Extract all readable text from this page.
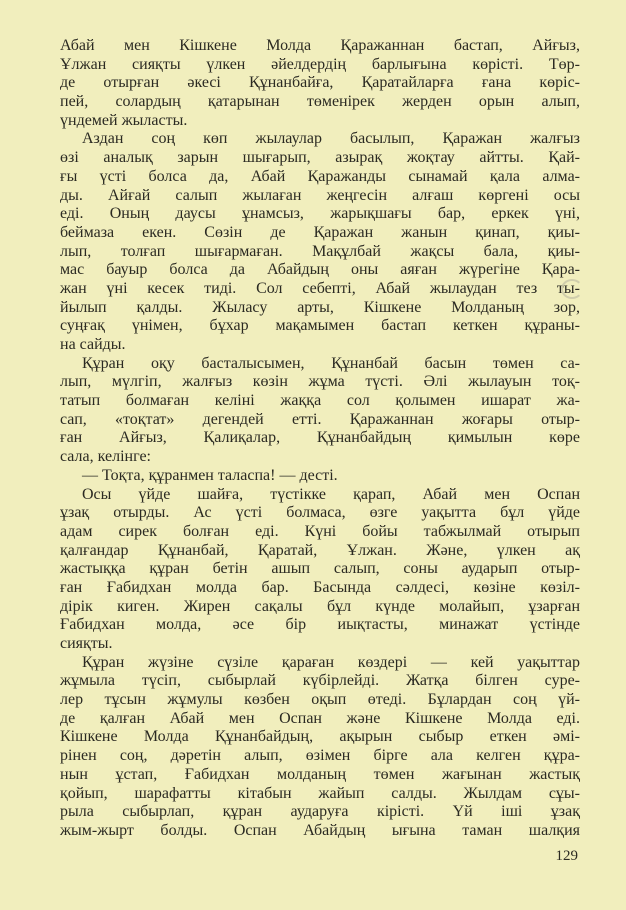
Абай мен Кішкене Молда Қаражаннан бастап, Айғыз,
Ұлжан сияқты үлкен әйелдердің барлығына көрісті. Төр-
де отырған әкесі Құнанбайға, Қаратайларға ғана көріс-
пей, солардың қатарынан төменірек жерден орын алып,
үндемей жыласты.
Аздан соң көп жылаулар басылып, Қаражан жалғыз
өзі аналық зарын шығарып, азырақ жоқтау айтты. Қай-
ғы үсті болса да, Абай Қаражанды сынамай қала алма-
ды. Айғай салып жылаған жеңгесін алғаш көргені осы
еді. Оның даусы ұнамсыз, жарықшағы бар, еркек үні,
беймаза екен. Сөзін де Қаражан жанын қинап, қиы-
лып, толғап шығармаған. Мақұлбай жақсы бала, қиы-
мас бауыр болса да Абайдың оны аяған жүрегіне Қара-
жан үні кесек тиді. Сол себепті, Абай жылаудан тез ты-
йылып қалды. Жыласу арты, Кішкене Молданың зор,
суңғақ үнімен, бұхар мақамымен бастап кеткен құраны-
на сайды.
Құран оқу басталысымен, Құнанбай басын төмен са-
лып, мүлгіп, жалғыз көзін жұма түсті. Әлі жылауын тоқ-
татып болмаған келіні жаққа сол қолымен ишарат жа-
сап, «тоқтат» дегендей етті. Қаражаннан жоғары отыр-
ған Айғыз, Қалиқалар, Құнанбайдың қимылын көре
сала, келінге:
— Тоқта, құранмен таласпа! — десті.
Осы үйде шайға, түстікке қарап, Абай мен Оспан
ұзақ отырды. Ас үсті болмаса, өзге уақытта бұл үйде
адам сирек болған еді. Күні бойы табжылмай отырып
қалғандар Құнанбай, Қаратай, Ұлжан. Және, үлкен ақ
жастыққа құран бетін ашып салып, соны аударып отыр-
ған Ғабидхан молда бар. Басында сәлдесі, көзіне көзіл-
дірік киген. Жирен сақалы бұл күнде молайып, ұзарған
Ғабидхан молда, әсе бір иықтасты, минажат үстінде
сияқты.
Құран жүзіне сүзіле қараған көздері — кей уақыттар
жұмыла түсіп, сыбырлай күбірлейді. Жатқа білген суре-
лер тұсын жұмулы көзбен оқып өтеді. Бұлардан соң үй-
де қалған Абай мен Оспан және Кішкене Молда еді.
Кішкене Молда Құнанбайдың, ақырын сыбыр еткен әмі-
рінен соң, дәретін алып, өзімен бірге ала келген құра-
нын ұстап, Ғабидхан молданың төмен жағынан жастық
қойып, шарафатты кітабын жайып салды. Жылдам сұы-
рыла сыбырлап, құран аударуға кірісті. Үй іші ұзақ
жым-жырт болды. Оспан Абайдың ығына таман шалқия
129
